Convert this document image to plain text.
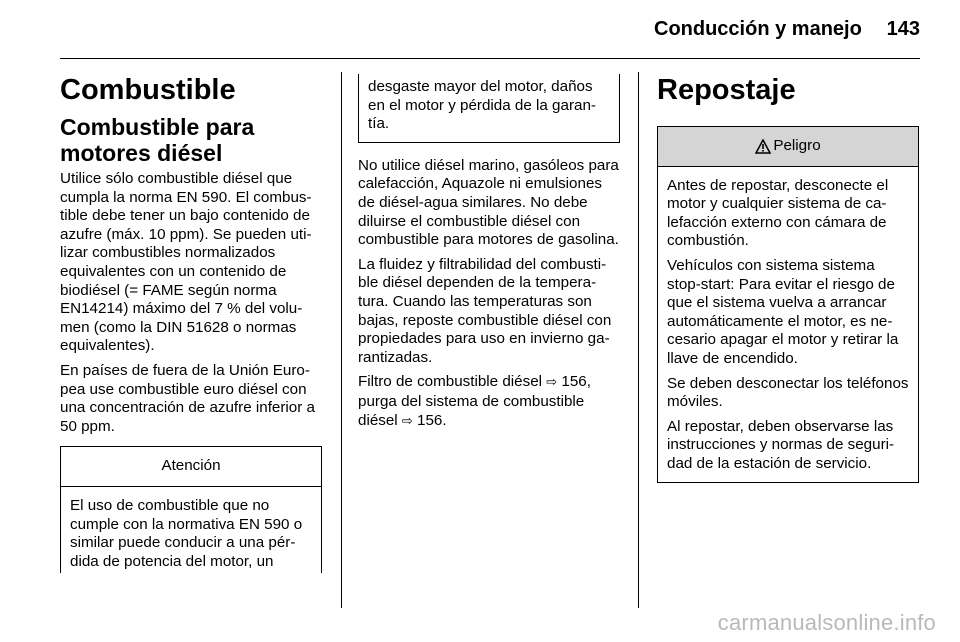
Conducción y manejo 143
Combustible
Combustible para motores diésel

Utilice sólo combustible diésel que cumpla la norma EN 590. El combustible debe tener un bajo contenido de azufre (máx. 10 ppm). Se pueden utilizar combustibles normalizados equivalentes con un contenido de biodiésel (= FAME según norma EN14214) máximo del 7 % del volumen (como la DIN 51628 o normas equivalentes).

En países de fuera de la Unión Europea use combustible euro diésel con una concentración de azufre inferior a 50 ppm.

Atención

El uso de combustible que no cumple con la normativa EN 590 o similar puede conducir a una pérdida de potencia del motor, un

desgaste mayor del motor, daños en el motor y pérdida de la garantía.

No utilice diésel marino, gasóleos para calefacción, Aquazole ni emulsiones de diésel-agua similares. No debe diluirse el combustible diésel con combustible para motores de gasolina.

La fluidez y filtrabilidad del combustible diésel dependen de la temperatura. Cuando las temperaturas son bajas, reposte combustible diésel con propiedades para uso en invierno garantizadas.

Filtro de combustible diésel ⇨ 156,
purga del sistema de combustible diésel ⇨ 156.

Repostaje
Peligro

Antes de repostar, desconecte el motor y cualquier sistema de calefacción externo con cámara de combustión.

Vehículos con sistema sistema stop-start: Para evitar el riesgo de que el sistema vuelva a arrancar automáticamente el motor, es necesario apagar el motor y retirar la llave de encendido.

Se deben desconectar los teléfonos móviles.

Al repostar, deben observarse las instrucciones y normas de seguridad de la estación de servicio.

carmanualsonline.info
